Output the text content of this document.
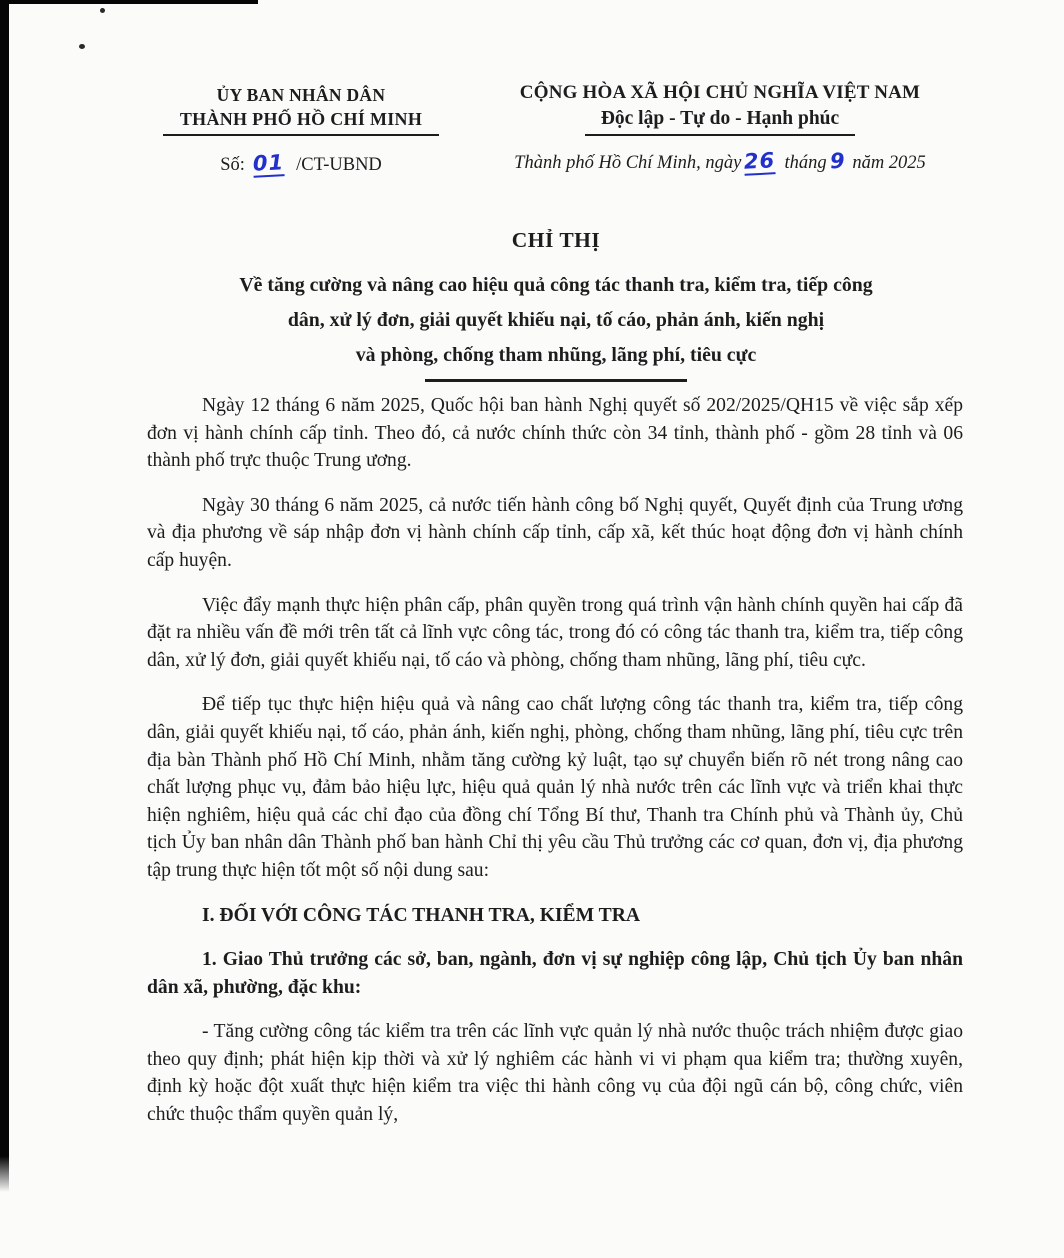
ỦY BAN NHÂN DÂN
THÀNH PHỐ HỒ CHÍ MINH
Số: 01 /CT-UBND
CỘNG HÒA XÃ HỘI CHỦ NGHĨA VIỆT NAM
Độc lập - Tự do - Hạnh phúc
Thành phố Hồ Chí Minh, ngày 26 tháng 9 năm 2025
CHỈ THỊ
Về tăng cường và nâng cao hiệu quả công tác thanh tra, kiểm tra, tiếp công
dân, xử lý đơn, giải quyết khiếu nại, tố cáo, phản ánh, kiến nghị
và phòng, chống tham nhũng, lãng phí, tiêu cực

Ngày 12 tháng 6 năm 2025, Quốc hội ban hành Nghị quyết số 202/2025/QH15 về việc sắp xếp đơn vị hành chính cấp tỉnh. Theo đó, cả nước chính thức còn 34 tỉnh, thành phố - gồm 28 tỉnh và 06 thành phố trực thuộc Trung ương.

Ngày 30 tháng 6 năm 2025, cả nước tiến hành công bố Nghị quyết, Quyết định của Trung ương và địa phương về sáp nhập đơn vị hành chính cấp tỉnh, cấp xã, kết thúc hoạt động đơn vị hành chính cấp huyện.

Việc đẩy mạnh thực hiện phân cấp, phân quyền trong quá trình vận hành chính quyền hai cấp đã đặt ra nhiều vấn đề mới trên tất cả lĩnh vực công tác, trong đó có công tác thanh tra, kiểm tra, tiếp công dân, xử lý đơn, giải quyết khiếu nại, tố cáo và phòng, chống tham nhũng, lãng phí, tiêu cực.

Để tiếp tục thực hiện hiệu quả và nâng cao chất lượng công tác thanh tra, kiểm tra, tiếp công dân, giải quyết khiếu nại, tố cáo, phản ánh, kiến nghị, phòng, chống tham nhũng, lãng phí, tiêu cực trên địa bàn Thành phố Hồ Chí Minh, nhằm tăng cường kỷ luật, tạo sự chuyển biến rõ nét trong nâng cao chất lượng phục vụ, đảm bảo hiệu lực, hiệu quả quản lý nhà nước trên các lĩnh vực và triển khai thực hiện nghiêm, hiệu quả các chỉ đạo của đồng chí Tổng Bí thư, Thanh tra Chính phủ và Thành ủy, Chủ tịch Ủy ban nhân dân Thành phố ban hành Chỉ thị yêu cầu Thủ trưởng các cơ quan, đơn vị, địa phương tập trung thực hiện tốt một số nội dung sau:

I. ĐỐI VỚI CÔNG TÁC THANH TRA, KIỂM TRA

1. Giao Thủ trưởng các sở, ban, ngành, đơn vị sự nghiệp công lập, Chủ tịch Ủy ban nhân dân xã, phường, đặc khu:

- Tăng cường công tác kiểm tra trên các lĩnh vực quản lý nhà nước thuộc trách nhiệm được giao theo quy định; phát hiện kịp thời và xử lý nghiêm các hành vi vi phạm qua kiểm tra; thường xuyên, định kỳ hoặc đột xuất thực hiện kiểm tra việc thi hành công vụ của đội ngũ cán bộ, công chức, viên chức thuộc thẩm quyền quản lý,
